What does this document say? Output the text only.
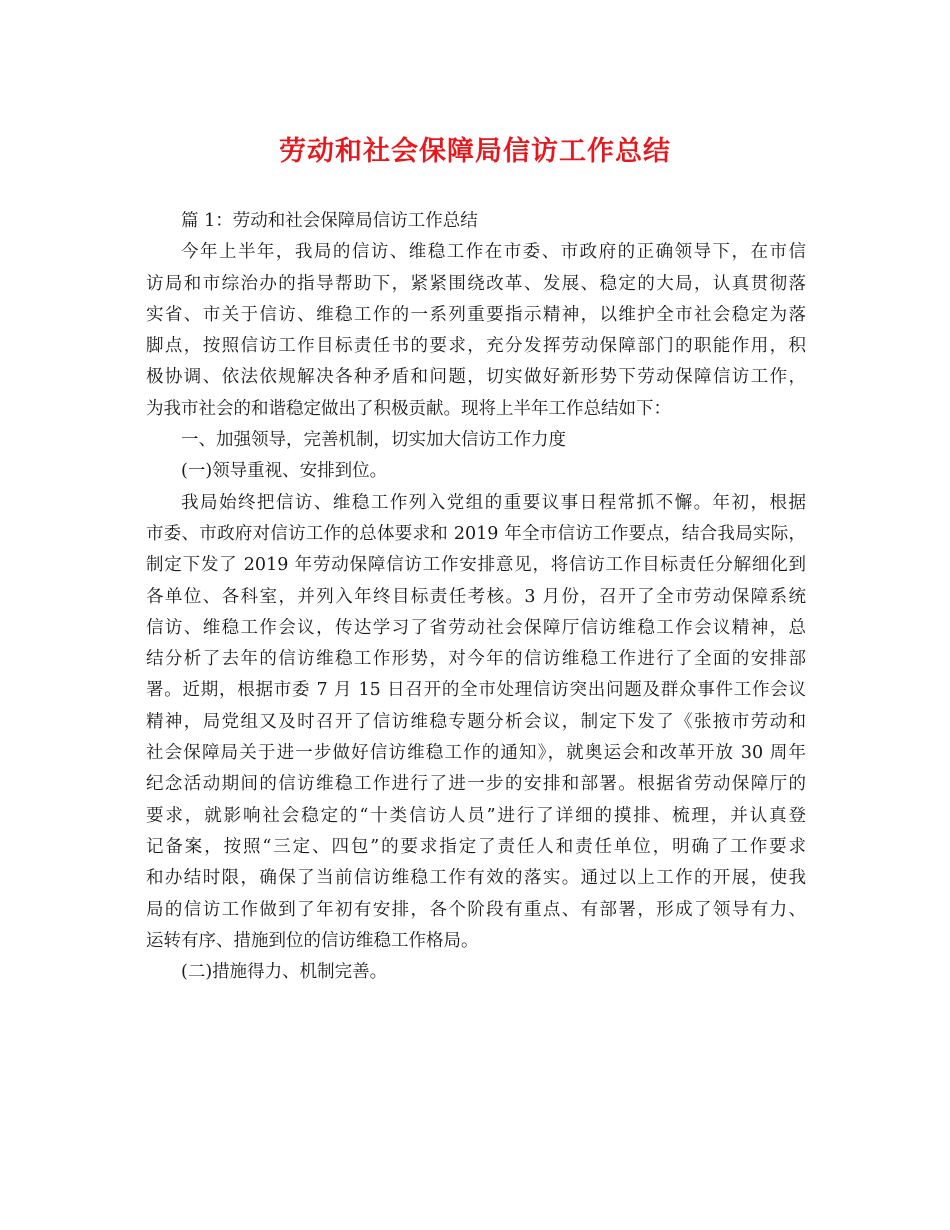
劳动和社会保障局信访工作总结

篇 1：劳动和社会保障局信访工作总结

今年上半年，我局的信访、维稳工作在市委、市政府的正确领导下，在市信

访局和市综治办的指导帮助下，紧紧围绕改革、发展、稳定的大局，认真贯彻落

实省、市关于信访、维稳工作的一系列重要指示精神，以维护全市社会稳定为落

脚点，按照信访工作目标责任书的要求，充分发挥劳动保障部门的职能作用，积

极协调、依法依规解决各种矛盾和问题，切实做好新形势下劳动保障信访工作，

为我市社会的和谐稳定做出了积极贡献。现将上半年工作总结如下：

一、加强领导，完善机制，切实加大信访工作力度

(一)领导重视、安排到位。

我局始终把信访、维稳工作列入党组的重要议事日程常抓不懈。年初，根据

市委、市政府对信访工作的总体要求和 2019 年全市信访工作要点，结合我局实际，

制定下发了 2019 年劳动保障信访工作安排意见，将信访工作目标责任分解细化到

各单位、各科室，并列入年终目标责任考核。3 月份，召开了全市劳动保障系统

信访、维稳工作会议，传达学习了省劳动社会保障厅信访维稳工作会议精神，总

结分析了去年的信访维稳工作形势，对今年的信访维稳工作进行了全面的安排部

署。近期，根据市委 7 月 15 日召开的全市处理信访突出问题及群众事件工作会议

精神，局党组又及时召开了信访维稳专题分析会议，制定下发了《张掖市劳动和

社会保障局关于进一步做好信访维稳工作的通知》，就奥运会和改革开放 30 周年

纪念活动期间的信访维稳工作进行了进一步的安排和部署。根据省劳动保障厅的

要求，就影响社会稳定的“十类信访人员”进行了详细的摸排、梳理，并认真登

记备案，按照“三定、四包”的要求指定了责任人和责任单位，明确了工作要求

和办结时限，确保了当前信访维稳工作有效的落实。通过以上工作的开展，使我

局的信访工作做到了年初有安排，各个阶段有重点、有部署，形成了领导有力、

运转有序、措施到位的信访维稳工作格局。

(二)措施得力、机制完善。
